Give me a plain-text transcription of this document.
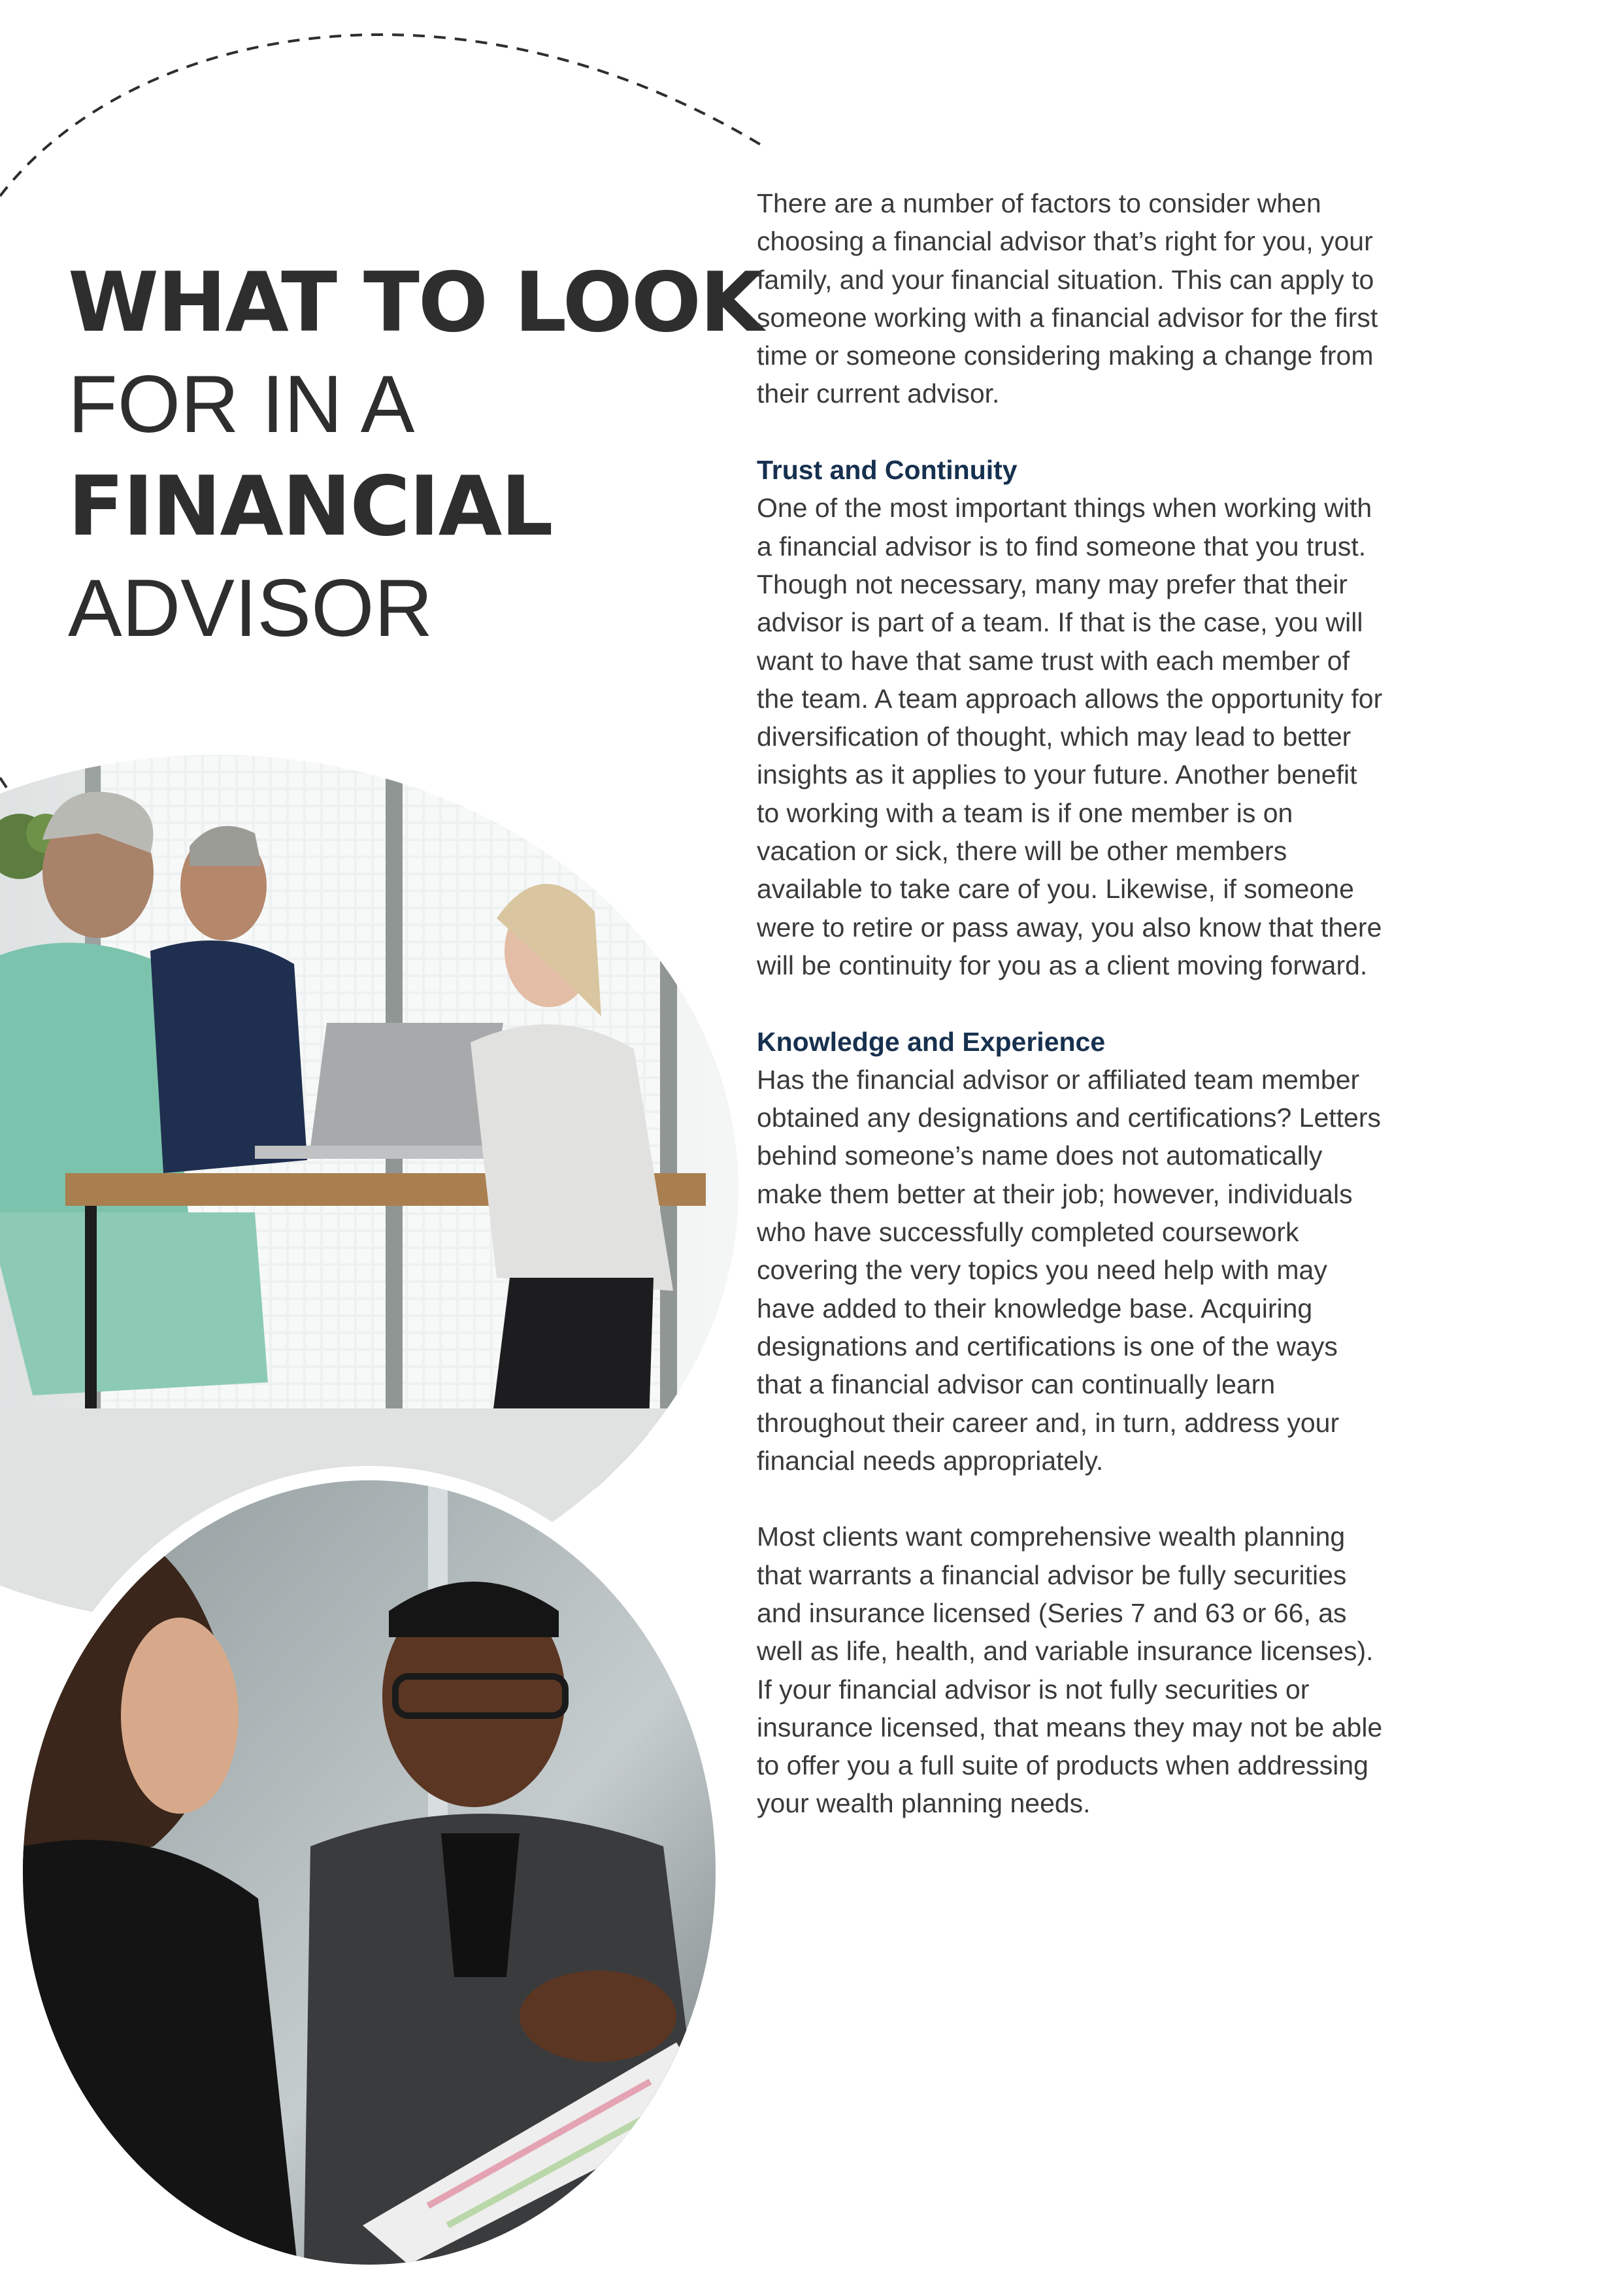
WHAT TO LOOK
FOR IN A
FINANCIAL
ADVISOR

There are a number of factors to consider when choosing a financial advisor that’s right for you, your family, and your financial situation. This can apply to someone working with a financial advisor for the first time or someone considering making a change from their current advisor.

Trust and Continuity

One of the most important things when working with a financial advisor is to find someone that you trust. Though not necessary, many may prefer that their advisor is part of a team. If that is the case, you will want to have that same trust with each member of the team. A team approach allows the opportunity for diversification of thought, which may lead to better insights as it applies to your future. Another benefit to working with a team is if one member is on vacation or sick, there will be other members available to take care of you. Likewise, if someone were to retire or pass away, you also know that there will be continuity for you as a client moving forward.

Knowledge and Experience

Has the financial advisor or affiliated team member obtained any designations and certifications? Letters behind someone’s name does not automatically make them better at their job; however, individuals who have successfully completed coursework covering the very topics you need help with may have added to their knowledge base. Acquiring designations and certifications is one of the ways that a financial advisor can continually learn throughout their career and, in turn, address your financial needs appropriately.

Most clients want comprehensive wealth planning that warrants a financial advisor be fully securities and insurance licensed (Series 7 and 63 or 66, as well as life, health, and variable insurance licenses). If your financial advisor is not fully securities or insurance licensed, that means they may not be able to offer you a full suite of products when addressing your wealth planning needs.
